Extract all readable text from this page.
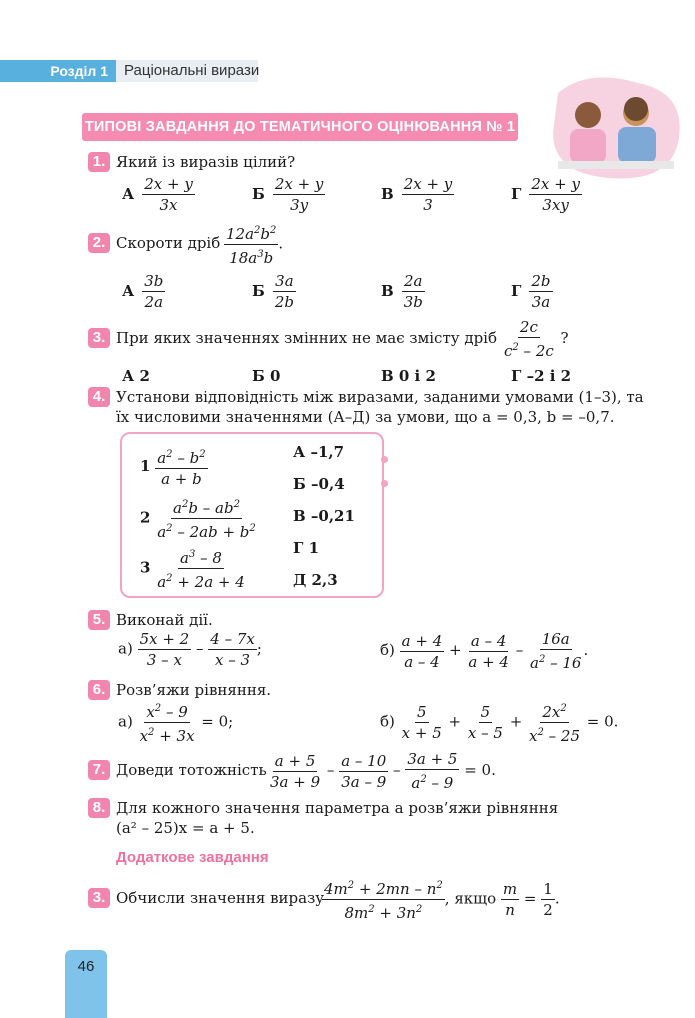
Розділ 1	Раціональні вирази
ТИПОВІ ЗАВДАННЯ ДО ТЕМАТИЧНОГО ОЦІНЮВАННЯ № 1
1. Який із виразів цілий?
А $\frac{2x + y}{3x}$	Б $\frac{2x + y}{3y}$	В $\frac{2x + y}{3}$	Г $\frac{2x + y}{3xy}$
2. Скороти дріб $\frac{12a^2b^2}{18a^3b}$ .
А $\frac{3b}{2a}$	Б $\frac{3a}{2b}$	В $\frac{2a}{3b}$	Г $\frac{2b}{3a}$
3. При яких значеннях змінних не має змісту дріб $\frac{2c}{c^2 - 2c}$ ?
А 2	Б 0	В 0 і 2	Г –2 і 2
4. Установи відповідність між виразами, заданими умовами (1–3), та
їх числовими значеннями (А–Д) за умови, що a = 0,3, b = –0,7.
$1 \frac{a^2 - b^2}{a + b}$
$2 \frac{a^2b - ab^2}{a^2 - 2ab + b^2}$
$3 \frac{a^3 - 8}{a^2 + 2a + 4}$
А –1,7
Б –0,4
В –0,21
Г 1
Д 2,3
5. Виконай дії.
$а) \frac{5x + 2}{3 - x} - \frac{4 - 7x}{x - 3}$ ;	$б) \frac{a + 4}{a - 4} + \frac{a - 4}{a + 4} - \frac{16a}{a^2 - 16}$ .
6. Розв’яжи рівняння.
$а) \frac{x^2 - 9}{x^2 + 3x} = 0$;	$б) \frac{5}{x + 5} + \frac{5}{x - 5} + \frac{2x^2}{x^2 - 25} = 0$.
7. Доведи тотожність $\frac{a + 5}{3a + 9} - \frac{a - 10}{3a - 9} - \frac{3a + 5}{a^2 - 9} = 0$.
8. Для кожного значення параметра a розв’яжи рівняння
(a² – 25)x = a + 5.
Додаткове завдання
3. Обчисли значення виразу
$\frac{4m^2 + 2mn - n^2}{8m^2 + 3n^2}$ , якщо $\frac{m}{n} = \frac{1}{2}$ .
46
